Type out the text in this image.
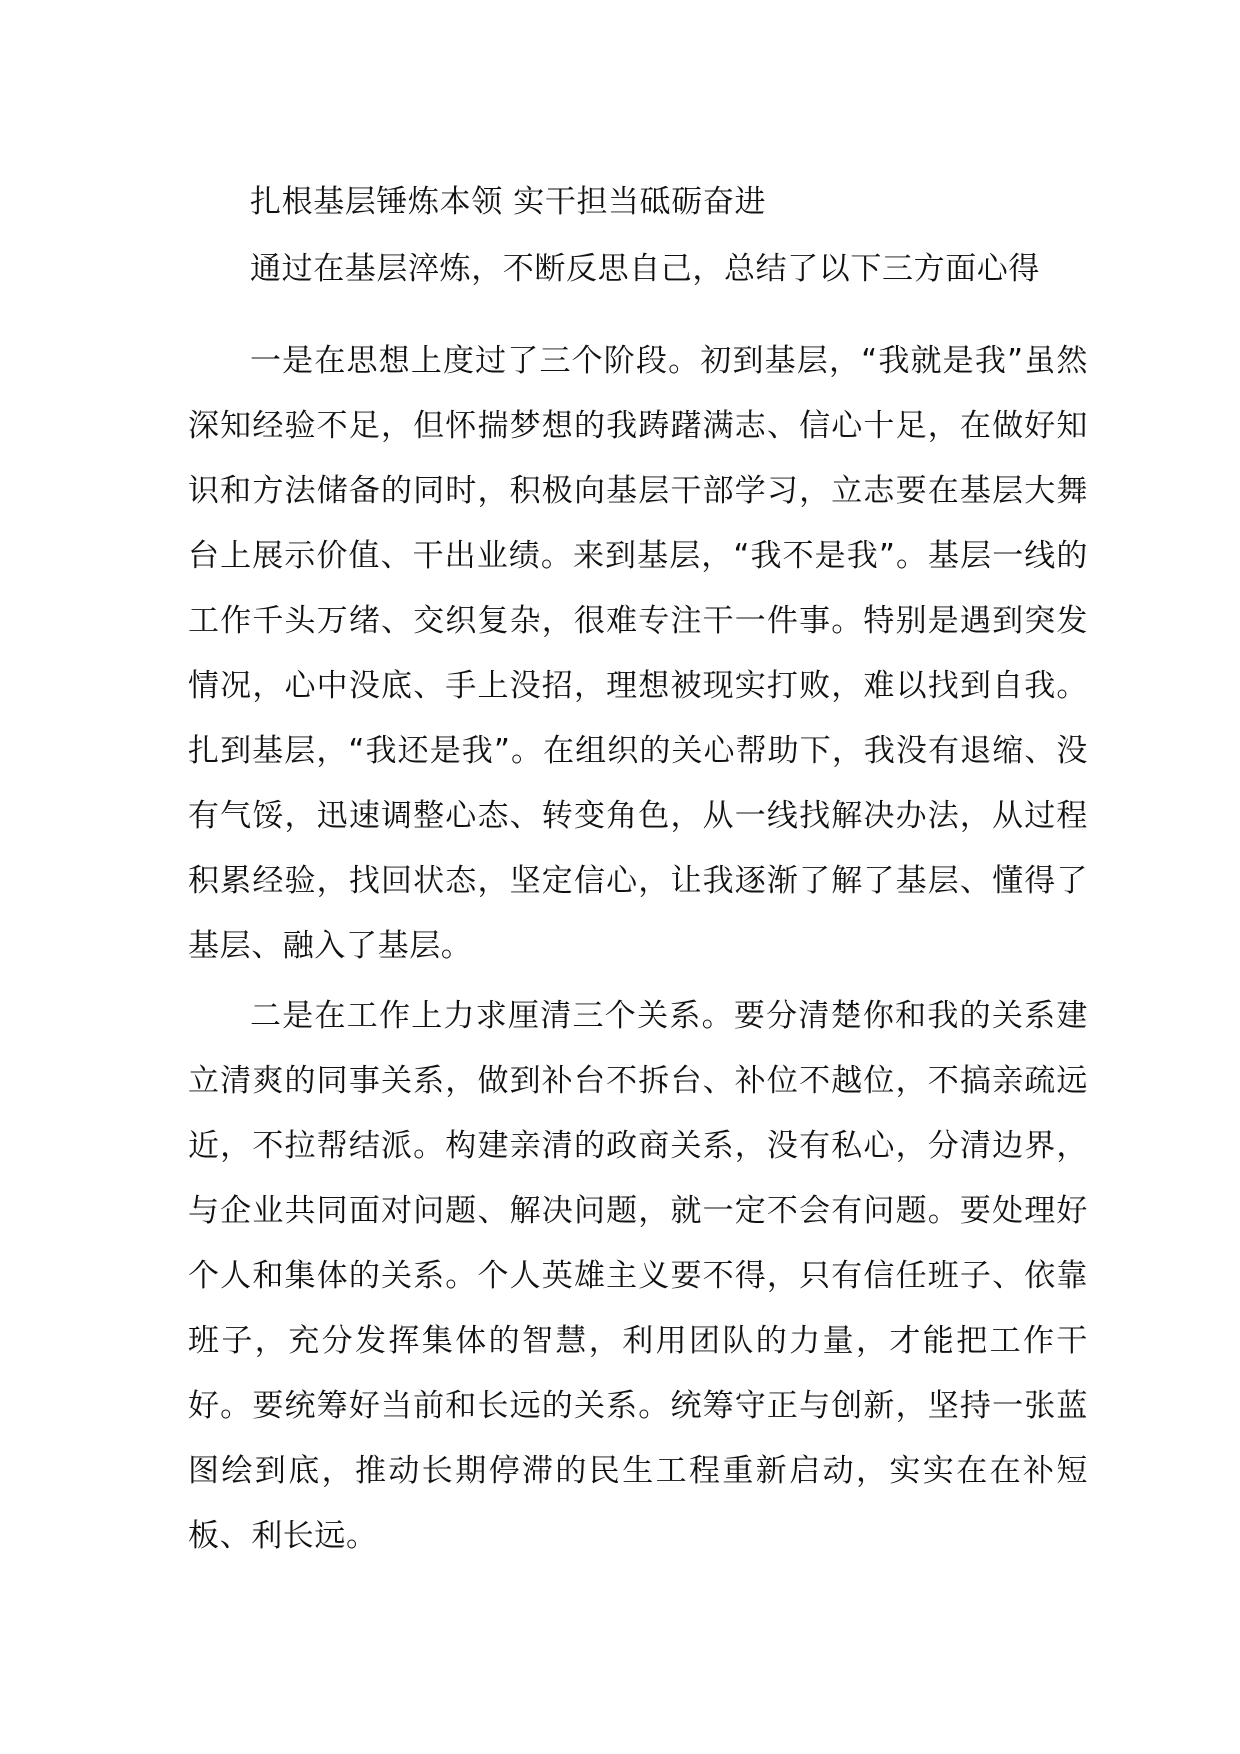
扎根基层锤炼本领 实干担当砥砺奋进
通过在基层淬炼，不断反思自己，总结了以下三方面心得
一是在思想上度过了三个阶段。初到基层，“我就是我”虽然深知经验不足，但怀揣梦想的我踌躇满志、信心十足，在做好知识和方法储备的同时，积极向基层干部学习，立志要在基层大舞台上展示价值、干出业绩。来到基层，“我不是我”。基层一线的工作千头万绪、交织复杂，很难专注干一件事。特别是遇到突发情况，心中没底、手上没招，理想被现实打败，难以找到自我。扎到基层，“我还是我”。在组织的关心帮助下，我没有退缩、没有气馁，迅速调整心态、转变角色，从一线找解决办法，从过程积累经验，找回状态，坚定信心，让我逐渐了解了基层、懂得了基层、融入了基层。
二是在工作上力求厘清三个关系。要分清楚你和我的关系建立清爽的同事关系，做到补台不拆台、补位不越位，不搞亲疏远近，不拉帮结派。构建亲清的政商关系，没有私心，分清边界，与企业共同面对问题、解决问题，就一定不会有问题。要处理好个人和集体的关系。个人英雄主义要不得，只有信任班子、依靠班子，充分发挥集体的智慧，利用团队的力量，才能把工作干好。要统筹好当前和长远的关系。统筹守正与创新，坚持一张蓝图绘到底，推动长期停滞的民生工程重新启动，实实在在补短板、利长远。
